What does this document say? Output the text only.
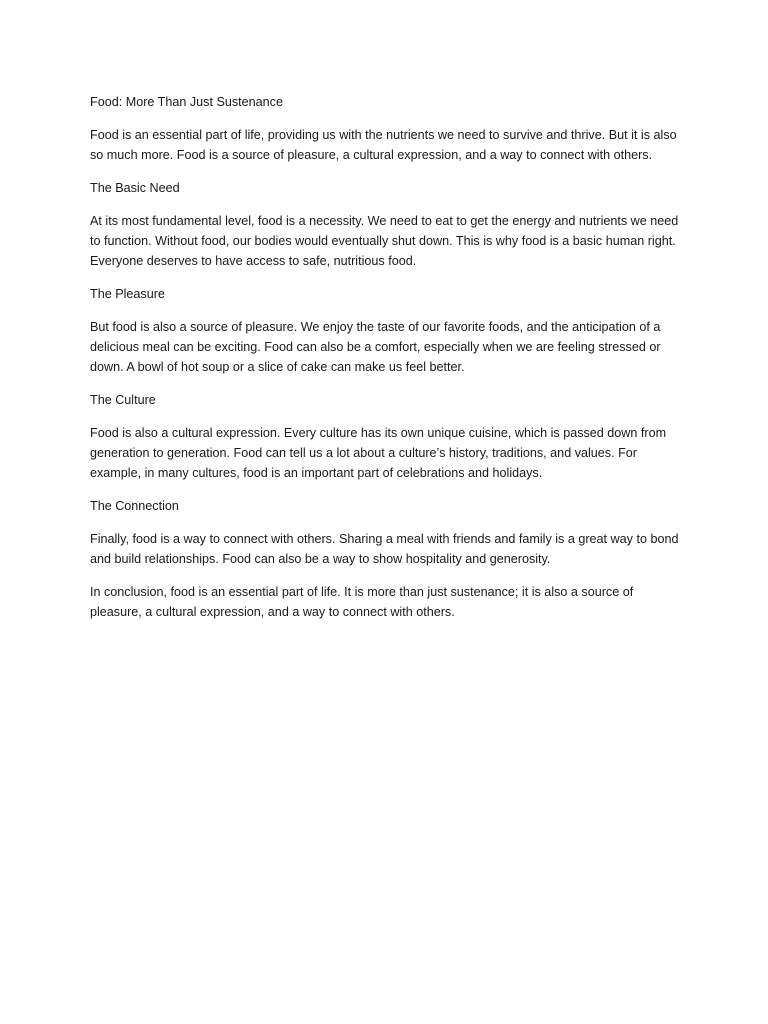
Food: More Than Just Sustenance

Food is an essential part of life, providing us with the nutrients we need to survive and thrive. But it is also so much more. Food is a source of pleasure, a cultural expression, and a way to connect with others.

The Basic Need

At its most fundamental level, food is a necessity. We need to eat to get the energy and nutrients we need to function. Without food, our bodies would eventually shut down. This is why food is a basic human right. Everyone deserves to have access to safe, nutritious food.

The Pleasure

But food is also a source of pleasure. We enjoy the taste of our favorite foods, and the anticipation of a delicious meal can be exciting. Food can also be a comfort, especially when we are feeling stressed or down. A bowl of hot soup or a slice of cake can make us feel better.

The Culture

Food is also a cultural expression. Every culture has its own unique cuisine, which is passed down from generation to generation. Food can tell us a lot about a culture’s history, traditions, and values. For example, in many cultures, food is an important part of celebrations and holidays.

The Connection

Finally, food is a way to connect with others. Sharing a meal with friends and family is a great way to bond and build relationships. Food can also be a way to show hospitality and generosity.

In conclusion, food is an essential part of life. It is more than just sustenance; it is also a source of pleasure, a cultural expression, and a way to connect with others.
